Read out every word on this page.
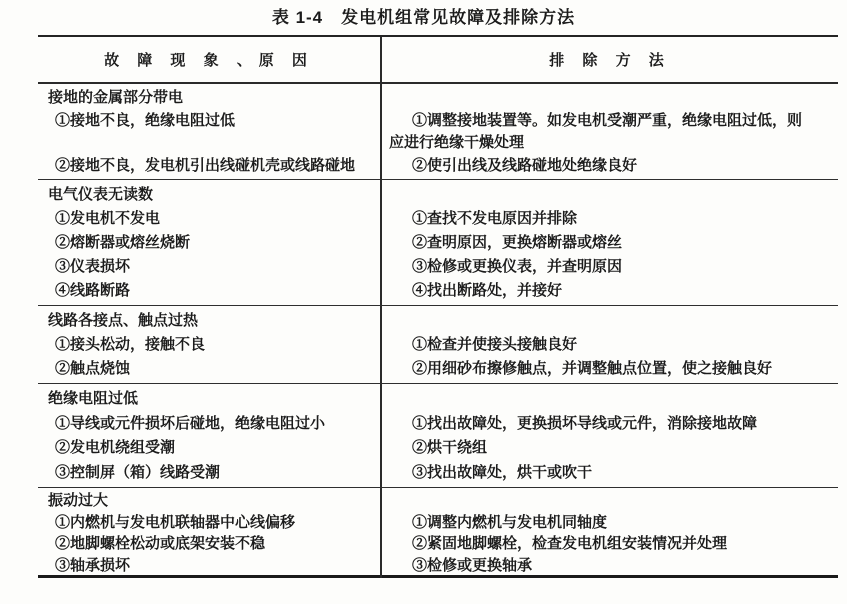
表 1-4　发电机组常见故障及排除方法
故 障 现 象 、原 因	排 除 方 法
接地的金属部分带电
①接地不良，绝缘电阻过低
②接地不良，发电机引出线碰机壳或线路碰地
①调整接地装置等。如发电机受潮严重，绝缘电阻过低，则
应进行绝缘干燥处理
②使引出线及线路碰地处绝缘良好
电气仪表无读数
①发电机不发电
②熔断器或熔丝烧断
③仪表损坏
④线路断路
①查找不发电原因并排除
②查明原因，更换熔断器或熔丝
③检修或更换仪表，并查明原因
④找出断路处，并接好
线路各接点、触点过热
①接头松动，接触不良
②触点烧蚀
①检查并使接头接触良好
②用细砂布擦修触点，并调整触点位置，使之接触良好
绝缘电阻过低
①导线或元件损坏后碰地，绝缘电阻过小
②发电机绕组受潮
③控制屏（箱）线路受潮
①找出故障处，更换损坏导线或元件，消除接地故障
②烘干绕组
③找出故障处，烘干或吹干
振动过大
①内燃机与发电机联轴器中心线偏移
②地脚螺栓松动或底架安装不稳
③轴承损坏
①调整内燃机与发电机同轴度
②紧固地脚螺栓，检查发电机组安装情况并处理
③检修或更换轴承
